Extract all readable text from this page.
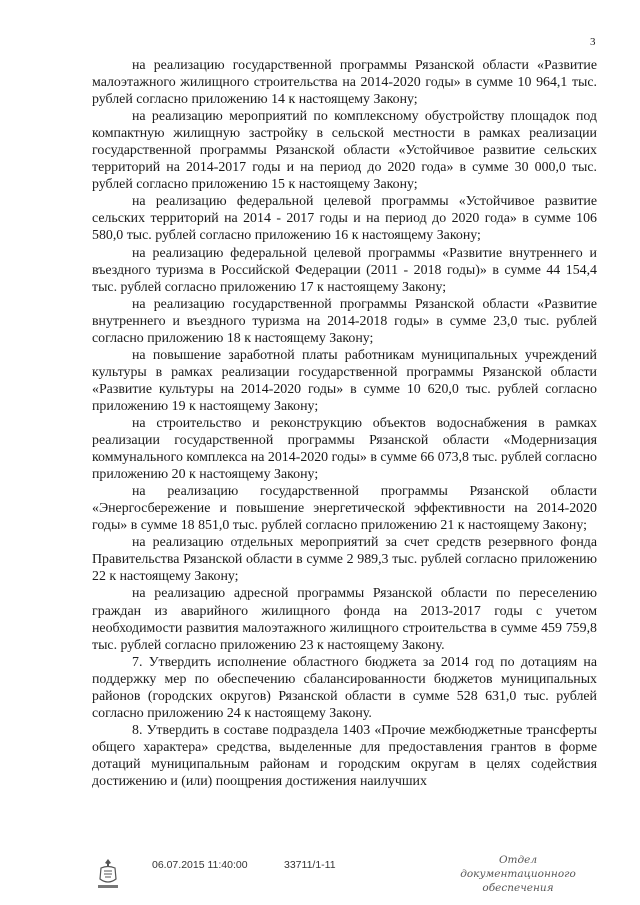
3

на реализацию государственной программы Рязанской области «Развитие малоэтажного жилищного строительства на 2014-2020 годы» в сумме 10 964,1 тыс. рублей согласно приложению 14 к настоящему Закону;

на реализацию мероприятий по комплексному обустройству площадок под компактную жилищную застройку в сельской местности в рамках реализации государственной программы Рязанской области «Устойчивое развитие сельских территорий на 2014-2017 годы и на период до 2020 года» в сумме 30 000,0 тыс. рублей согласно приложению 15 к настоящему Закону;

на реализацию федеральной целевой программы «Устойчивое развитие сельских территорий на 2014 - 2017 годы и на период до 2020 года» в сумме 106 580,0 тыс. рублей согласно приложению 16 к настоящему Закону;

на реализацию федеральной целевой программы «Развитие внутреннего и въездного туризма в Российской Федерации (2011 - 2018 годы)» в сумме 44 154,4 тыс. рублей согласно приложению 17 к настоящему Закону;

на реализацию государственной программы Рязанской области «Развитие внутреннего и въездного туризма на 2014-2018 годы» в сумме 23,0 тыс. рублей согласно приложению 18 к настоящему Закону;

на повышение заработной платы работникам муниципальных учреждений культуры в рамках реализации государственной программы Рязанской области «Развитие культуры на 2014-2020 годы» в сумме 10 620,0 тыс. рублей согласно приложению 19 к настоящему Закону;

на строительство и реконструкцию объектов водоснабжения в рамках реализации государственной программы Рязанской области «Модернизация коммунального комплекса на 2014-2020 годы» в сумме 66 073,8 тыс. рублей согласно приложению 20 к настоящему Закону;

на реализацию государственной программы Рязанской области «Энергосбережение и повышение энергетической эффективности на 2014-2020 годы» в сумме 18 851,0 тыс. рублей согласно приложению 21 к настоящему Закону;

на реализацию отдельных мероприятий за счет средств резервного фонда Правительства Рязанской области в сумме 2 989,3 тыс. рублей согласно приложению 22 к настоящему Закону;

на реализацию адресной программы Рязанской области по переселению граждан из аварийного жилищного фонда на 2013-2017 годы с учетом необходимости развития малоэтажного жилищного строительства в сумме 459 759,8 тыс. рублей согласно приложению 23 к настоящему Закону.

7. Утвердить исполнение областного бюджета за 2014 год по дотациям на поддержку мер по обеспечению сбалансированности бюджетов муниципальных районов (городских округов) Рязанской области в сумме 528 631,0 тыс. рублей согласно приложению 24 к настоящему Закону.

8. Утвердить в составе подраздела 1403 «Прочие межбюджетные трансферты общего характера» средства, выделенные для предоставления грантов в форме дотаций муниципальным районам и городским округам в целях содействия достижению и (или) поощрения достижения наилучших

06.07.2015 11:40:00	33711/1-11	Отдел документационного
обеспечения
